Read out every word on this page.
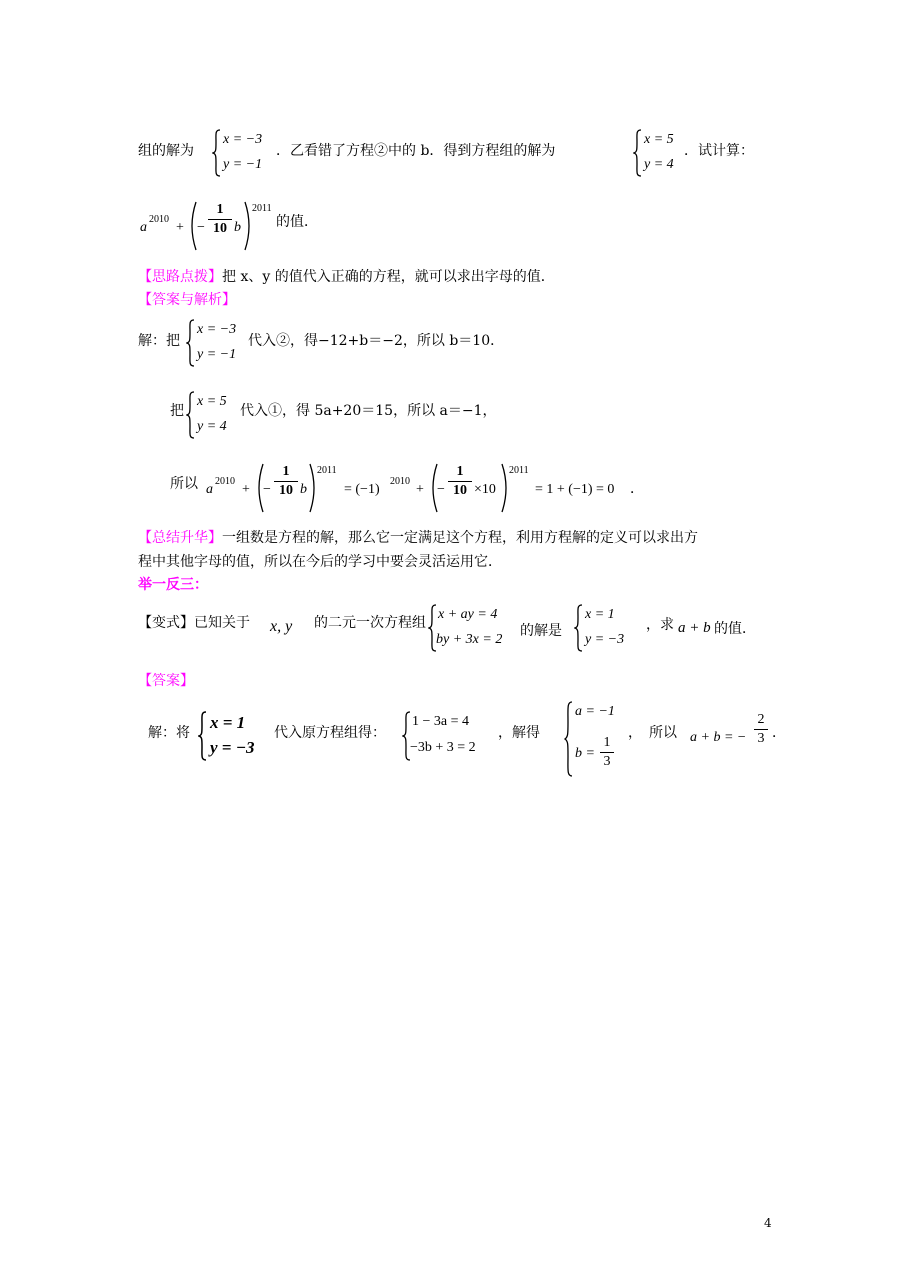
组的解为
x = −3
y = −1
．乙看错了方程②中的 b．得到方程组的解为
x = 5
y = 4
．试计算：
a
2010
+ −
1
10 b
2011
的值．
【思路点拨】把 x、y 的值代入正确的方程，就可以求出字母的值．
【答案与解析】
解：把
x = −3
y = −1
代入②，得−12+b＝−2，所以 b＝10．
把
x = 5
y = 4
代入①，得 5a+20＝15，所以 a＝−1，
所以 a
2010
+ −
1
10 b
2011
= (−1)
2010
+ −
1
10 ×10
2011
= 1 + (−1) = 0 ．
【总结升华】一组数是方程的解，那么它一定满足这个方程，利用方程解的定义可以求出方
程中其他字母的值，所以在今后的学习中要会灵活运用它．
举一反三：
【变式】已知关于 x, y 的二元一次方程组
x + ay = 4
by + 3x = 2
的解是
x = 1
y = −3
，求 a + b 的值．
【答案】
解：将
x = 1
y = −3
代入原方程组得：
1 − 3a = 4
−3b + 3 = 2
，解得
a = −1
b =
1
3
，　所以 a + b = −
2
3 ．
4
